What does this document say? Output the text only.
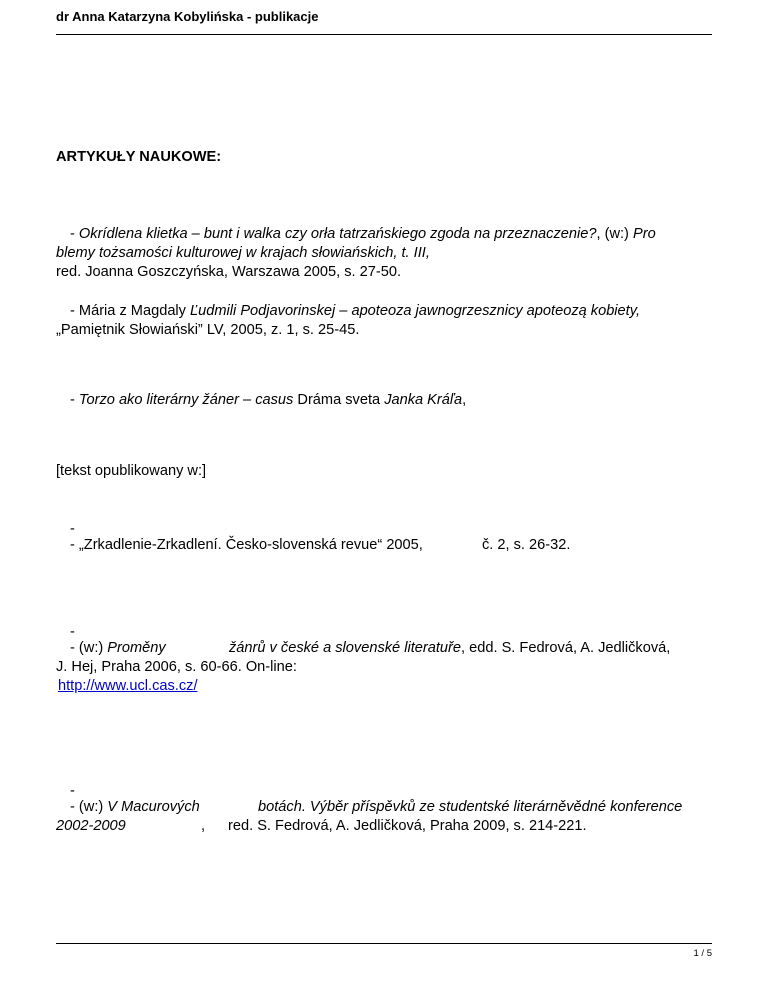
dr Anna Katarzyna Kobylińska - publikacje
ARTYKUŁY NAUKOWE:
- Okrídlena klietka – bunt i walka czy orła tatrzańskiego zgoda na przeznaczenie?, (w:) Pro
blemy tożsamości kulturowej w krajach słowiańskich, t. III,
red. Joanna Goszczyńska, Warszawa 2005, s. 27-50.
- Mária z Magdaly Ľudmili Podjavorinskej – apoteoza jawnogrzesznicy apoteozą kobiety,
„Pamiętnik Słowiański” LV, 2005, z. 1, s. 25-45.
- Torzo ako literárny žáner – casus Dráma sveta Janka Kráľa,
[tekst opublikowany w:]
-
- „Zrkadlenie-Zrkadlení. Česko-slovenská revue“ 2005,	č. 2, s. 26-32.
-
- (w:) Proměny	žánrů v české a slovenské literatuře, edd. S. Fedrová, A. Jedličková,
J. Hej, Praha 2006, s. 60-66. On-line:
http://www.ucl.cas.cz/
-
- (w:) V Macurových	botách. Výběr příspěvků ze studentské literárněvědné konference
2002-2009	, red. S. Fedrová, A. Jedličková, Praha 2009, s. 214-221.
1 / 5
